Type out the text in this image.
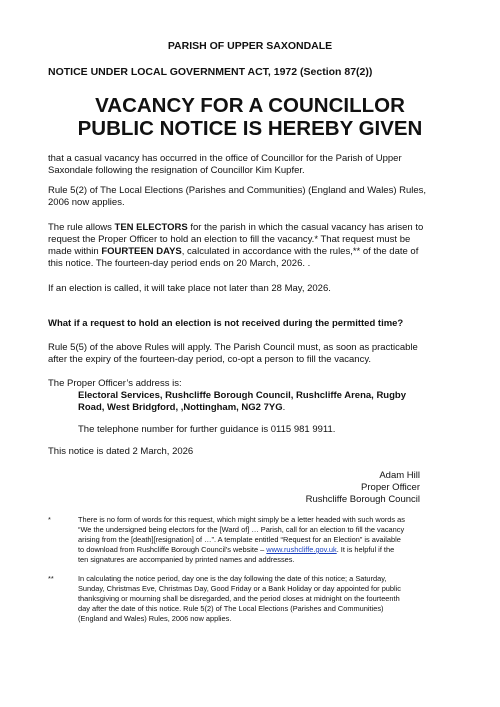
PARISH OF UPPER SAXONDALE
NOTICE UNDER LOCAL GOVERNMENT ACT, 1972 (Section 87(2))
VACANCY FOR A COUNCILLOR
PUBLIC NOTICE IS HEREBY GIVEN
that a casual vacancy has occurred in the office of Councillor for the Parish of Upper
Saxondale following the resignation of Councillor Kim Kupfer.
Rule 5(2) of The Local Elections (Parishes and Communities) (England and Wales) Rules,
2006 now applies.
The rule allows TEN ELECTORS for the parish in which the casual vacancy has arisen to
request the Proper Officer to hold an election to fill the vacancy.* That request must be
made within FOURTEEN DAYS, calculated in accordance with the rules,** of the date of
this notice. The fourteen-day period ends on 20 March, 2026. .
If an election is called, it will take place not later than 28 May, 2026.
What if a request to hold an election is not received during the permitted time?
Rule 5(5) of the above Rules will apply. The Parish Council must, as soon as practicable
after the expiry of the fourteen-day period, co-opt a person to fill the vacancy.
The Proper Officer’s address is:
Electoral Services, Rushcliffe Borough Council, Rushcliffe Arena, Rugby
Road, West Bridgford, ,Nottingham, NG2 7YG.
The telephone number for further guidance is 0115 981 9911.
This notice is dated 2 March, 2026
Adam Hill
Proper Officer
Rushcliffe Borough Council
*	There is no form of words for this request, which might simply be a letter headed with such words as
“We the undersigned being electors for the [Ward of] … Parish, call for an election to fill the vacancy
arising from the [death][resignation] of …”. A template entitled “Request for an Election” is available
to download from Rushcliffe Borough Council’s website – www.rushcliffe.gov.uk. It is helpful if the
ten signatures are accompanied by printed names and addresses.
**	In calculating the notice period, day one is the day following the date of this notice; a Saturday,
Sunday, Christmas Eve, Christmas Day, Good Friday or a Bank Holiday or day appointed for public
thanksgiving or mourning shall be disregarded, and the period closes at midnight on the fourteenth
day after the date of this notice. Rule 5(2) of The Local Elections (Parishes and Communities)
(England and Wales) Rules, 2006 now applies.
